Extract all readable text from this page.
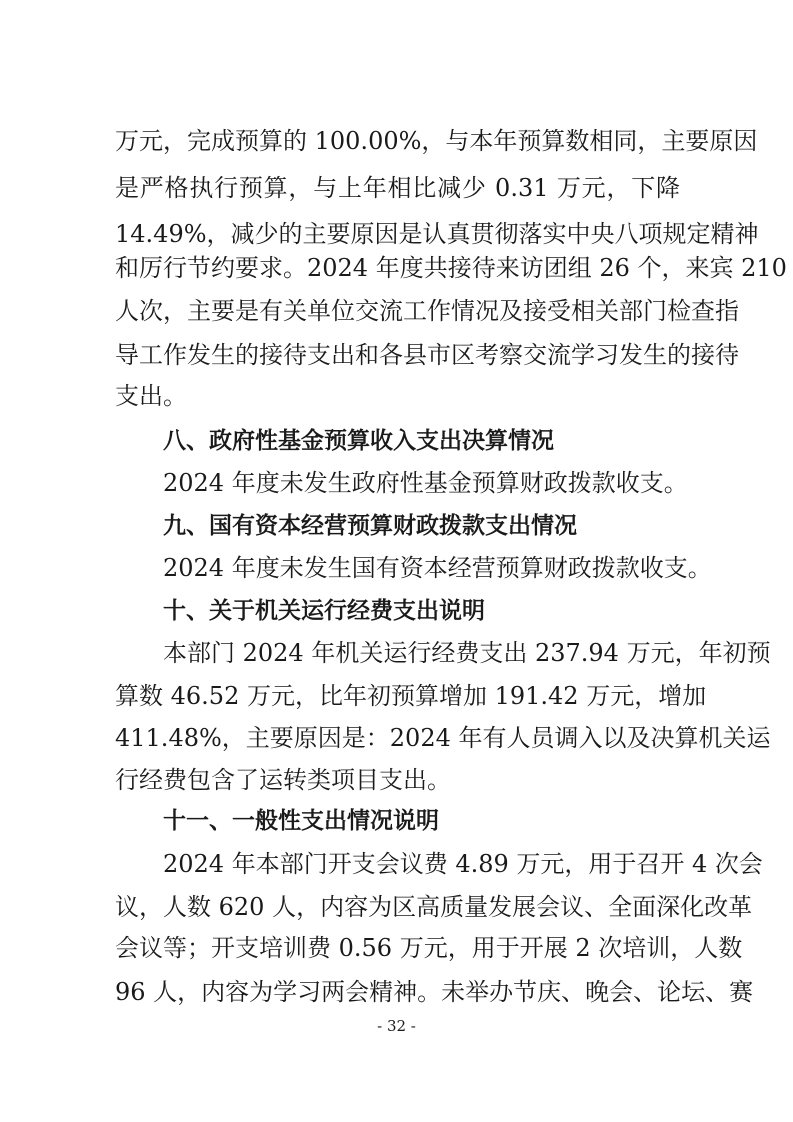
万元，完成预算的 100.00%，与本年预算数相同，主要原因
是严格执行预算，与上年相比减少 0.31 万元，下降
14.49%，减少的主要原因是认真贯彻落实中央八项规定精神
和厉行节约要求。2024 年度共接待来访团组 26 个，来宾 210
人次，主要是有关单位交流工作情况及接受相关部门检查指
导工作发生的接待支出和各县市区考察交流学习发生的接待
支出。
八、政府性基金预算收入支出决算情况
2024 年度未发生政府性基金预算财政拨款收支。
九、国有资本经营预算财政拨款支出情况
2024 年度未发生国有资本经营预算财政拨款收支。
十、关于机关运行经费支出说明
本部门 2024 年机关运行经费支出 237.94 万元，年初预
算数 46.52 万元，比年初预算增加 191.42 万元，增加
411.48%，主要原因是：2024 年有人员调入以及决算机关运
行经费包含了运转类项目支出。
十一、一般性支出情况说明
2024 年本部门开支会议费 4.89 万元，用于召开 4 次会
议，人数 620 人，内容为区高质量发展会议、全面深化改革
会议等；开支培训费 0.56 万元，用于开展 2 次培训，人数
96 人，内容为学习两会精神。未举办节庆、晚会、论坛、赛
- 32 -
